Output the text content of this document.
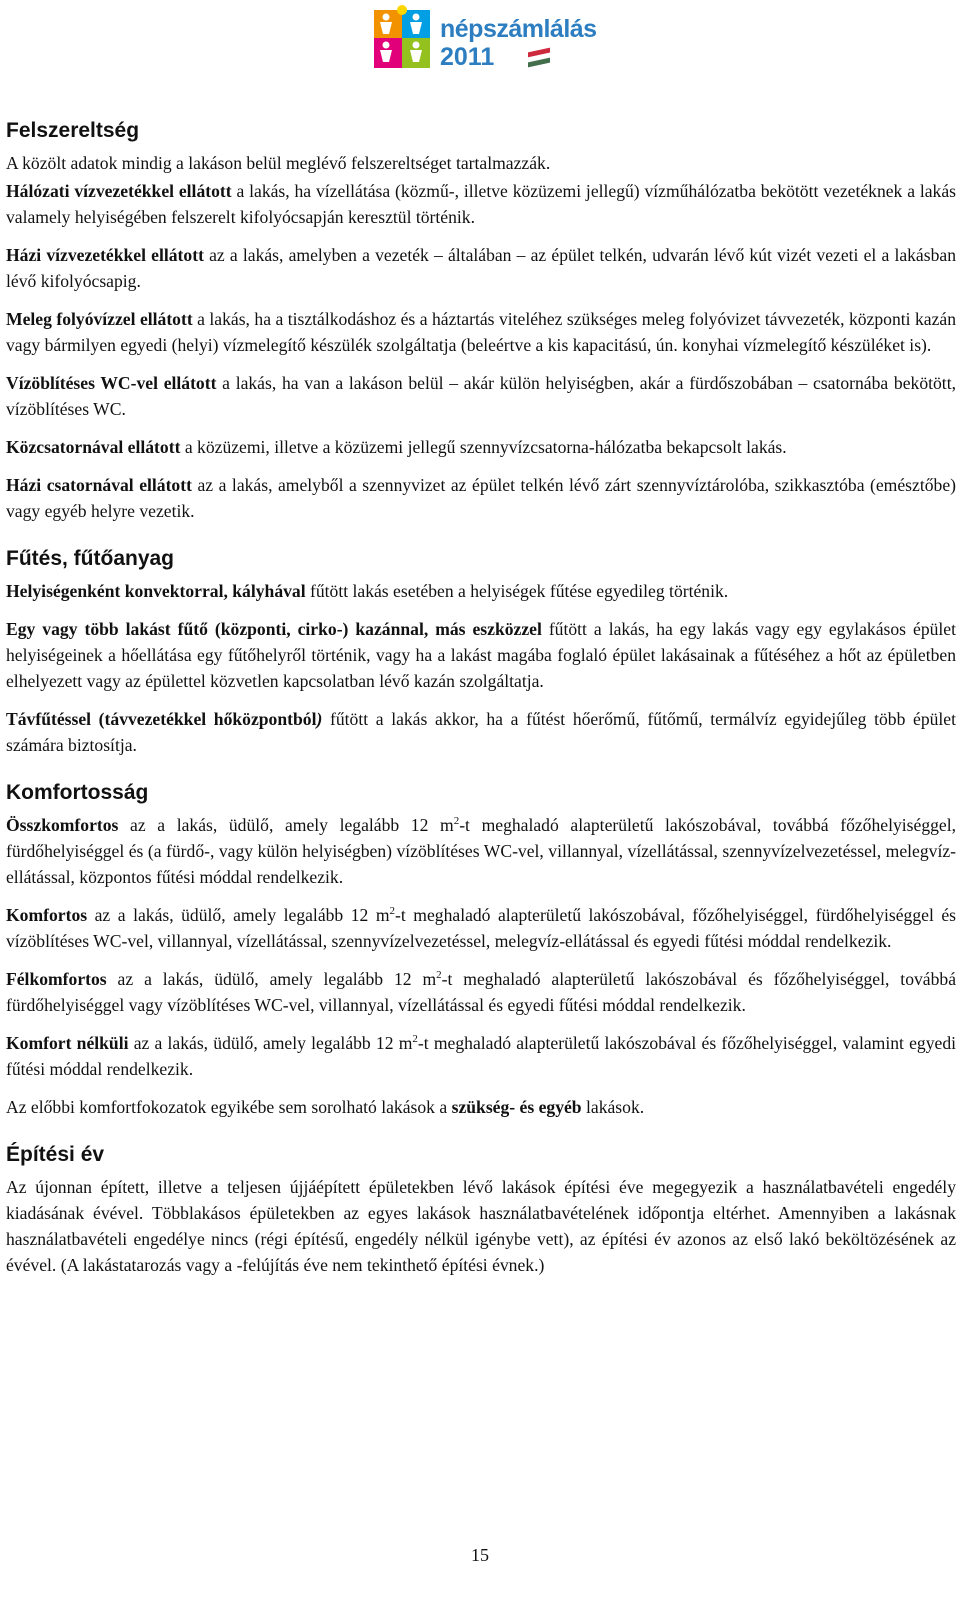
népszámlálás
2011
Felszereltség

A közölt adatok mindig a lakáson belül meglévő felszereltséget tartalmazzák.

Hálózati vízvezetékkel ellátott a lakás, ha vízellátása (közmű-, illetve közüzemi jellegű) vízműhálózatba bekötött vezetéknek a lakás valamely helyiségében felszerelt kifolyócsapján keresztül történik.

Házi vízvezetékkel ellátott az a lakás, amelyben a vezeték – általában – az épület telkén, udvarán lévő kút vizét vezeti el a lakásban lévő kifolyócsapig.

Meleg folyóvízzel ellátott a lakás, ha a tisztálkodáshoz és a háztartás viteléhez szükséges meleg folyóvizet távvezeték, központi kazán vagy bármilyen egyedi (helyi) vízmelegítő készülék szolgáltatja (beleértve a kis kapacitású, ún. konyhai vízmelegítő készüléket is).

Vízöblítéses WC-vel ellátott a lakás, ha van a lakáson belül – akár külön helyiségben, akár a fürdőszobában – csatornába bekötött, vízöblítéses WC.

Közcsatornával ellátott a közüzemi, illetve a közüzemi jellegű szennyvízcsatorna-hálózatba bekapcsolt lakás.

Házi csatornával ellátott az a lakás, amelyből a szennyvizet az épület telkén lévő zárt szennyvíztárolóba, szikkasztóba (emésztőbe) vagy egyéb helyre vezetik.

Fűtés, fűtőanyag

Helyiségenként konvektorral, kályhával fűtött lakás esetében a helyiségek fűtése egyedileg történik.

Egy vagy több lakást fűtő (központi, cirko-) kazánnal, más eszközzel fűtött a lakás, ha egy lakás vagy egy egylakásos épület helyiségeinek a hőellátása egy fűtőhelyről történik, vagy ha a lakást magába foglaló épület lakásainak a fűtéséhez a hőt az épületben elhelyezett vagy az épülettel közvetlen kapcsolatban lévő kazán szolgáltatja.

Távfűtéssel (távvezetékkel hőközpontból) fűtött a lakás akkor, ha a fűtést hőerőmű, fűtőmű, termálvíz egyidejűleg több épület számára biztosítja.

Komfortosság

Összkomfortos az a lakás, üdülő, amely legalább 12 $m^2-t$ meghaladó alapterületű lakószobával, továbbá főzőhelyiséggel, fürdőhelyiséggel és (a fürdő-, vagy külön helyiségben) vízöblítéses WC-vel, villannyal, vízellátással, szennyvízelvezetéssel, melegvíz-ellátással, központos fűtési móddal rendelkezik.

Komfortos az a lakás, üdülő, amely legalább 12 $m^2-t$ meghaladó alapterületű lakószobával, főzőhelyiséggel, fürdőhelyiséggel és vízöblítéses WC-vel, villannyal, vízellátással, szennyvízelvezetéssel, melegvíz-ellátással és egyedi fűtési móddal rendelkezik.

Félkomfortos az a lakás, üdülő, amely legalább 12 $m^2-t$ meghaladó alapterületű lakószobával és főzőhelyiséggel, továbbá fürdőhelyiséggel vagy vízöblítéses WC-vel, villannyal, vízellátással és egyedi fűtési móddal rendelkezik.

Komfort nélküli az a lakás, üdülő, amely legalább 12 $m^2-t$ meghaladó alapterületű lakószobával és főzőhelyiséggel, valamint egyedi fűtési móddal rendelkezik.

Az előbbi komfortfokozatok egyikébe sem sorolható lakások a szükség- és egyéb lakások.

Építési év

Az újonnan épített, illetve a teljesen újjáépített épületekben lévő lakások építési éve megegyezik a használatbavételi engedély kiadásának évével. Többlakásos épületekben az egyes lakások használatbavételének időpontja eltérhet. Amennyiben a lakásnak használatbavételi engedélye nincs (régi építésű, engedély nélkül igénybe vett), az építési év azonos az első lakó beköltözésének az évével. (A lakástatarozás vagy a -felújítás éve nem tekinthető építési évnek.)

15
